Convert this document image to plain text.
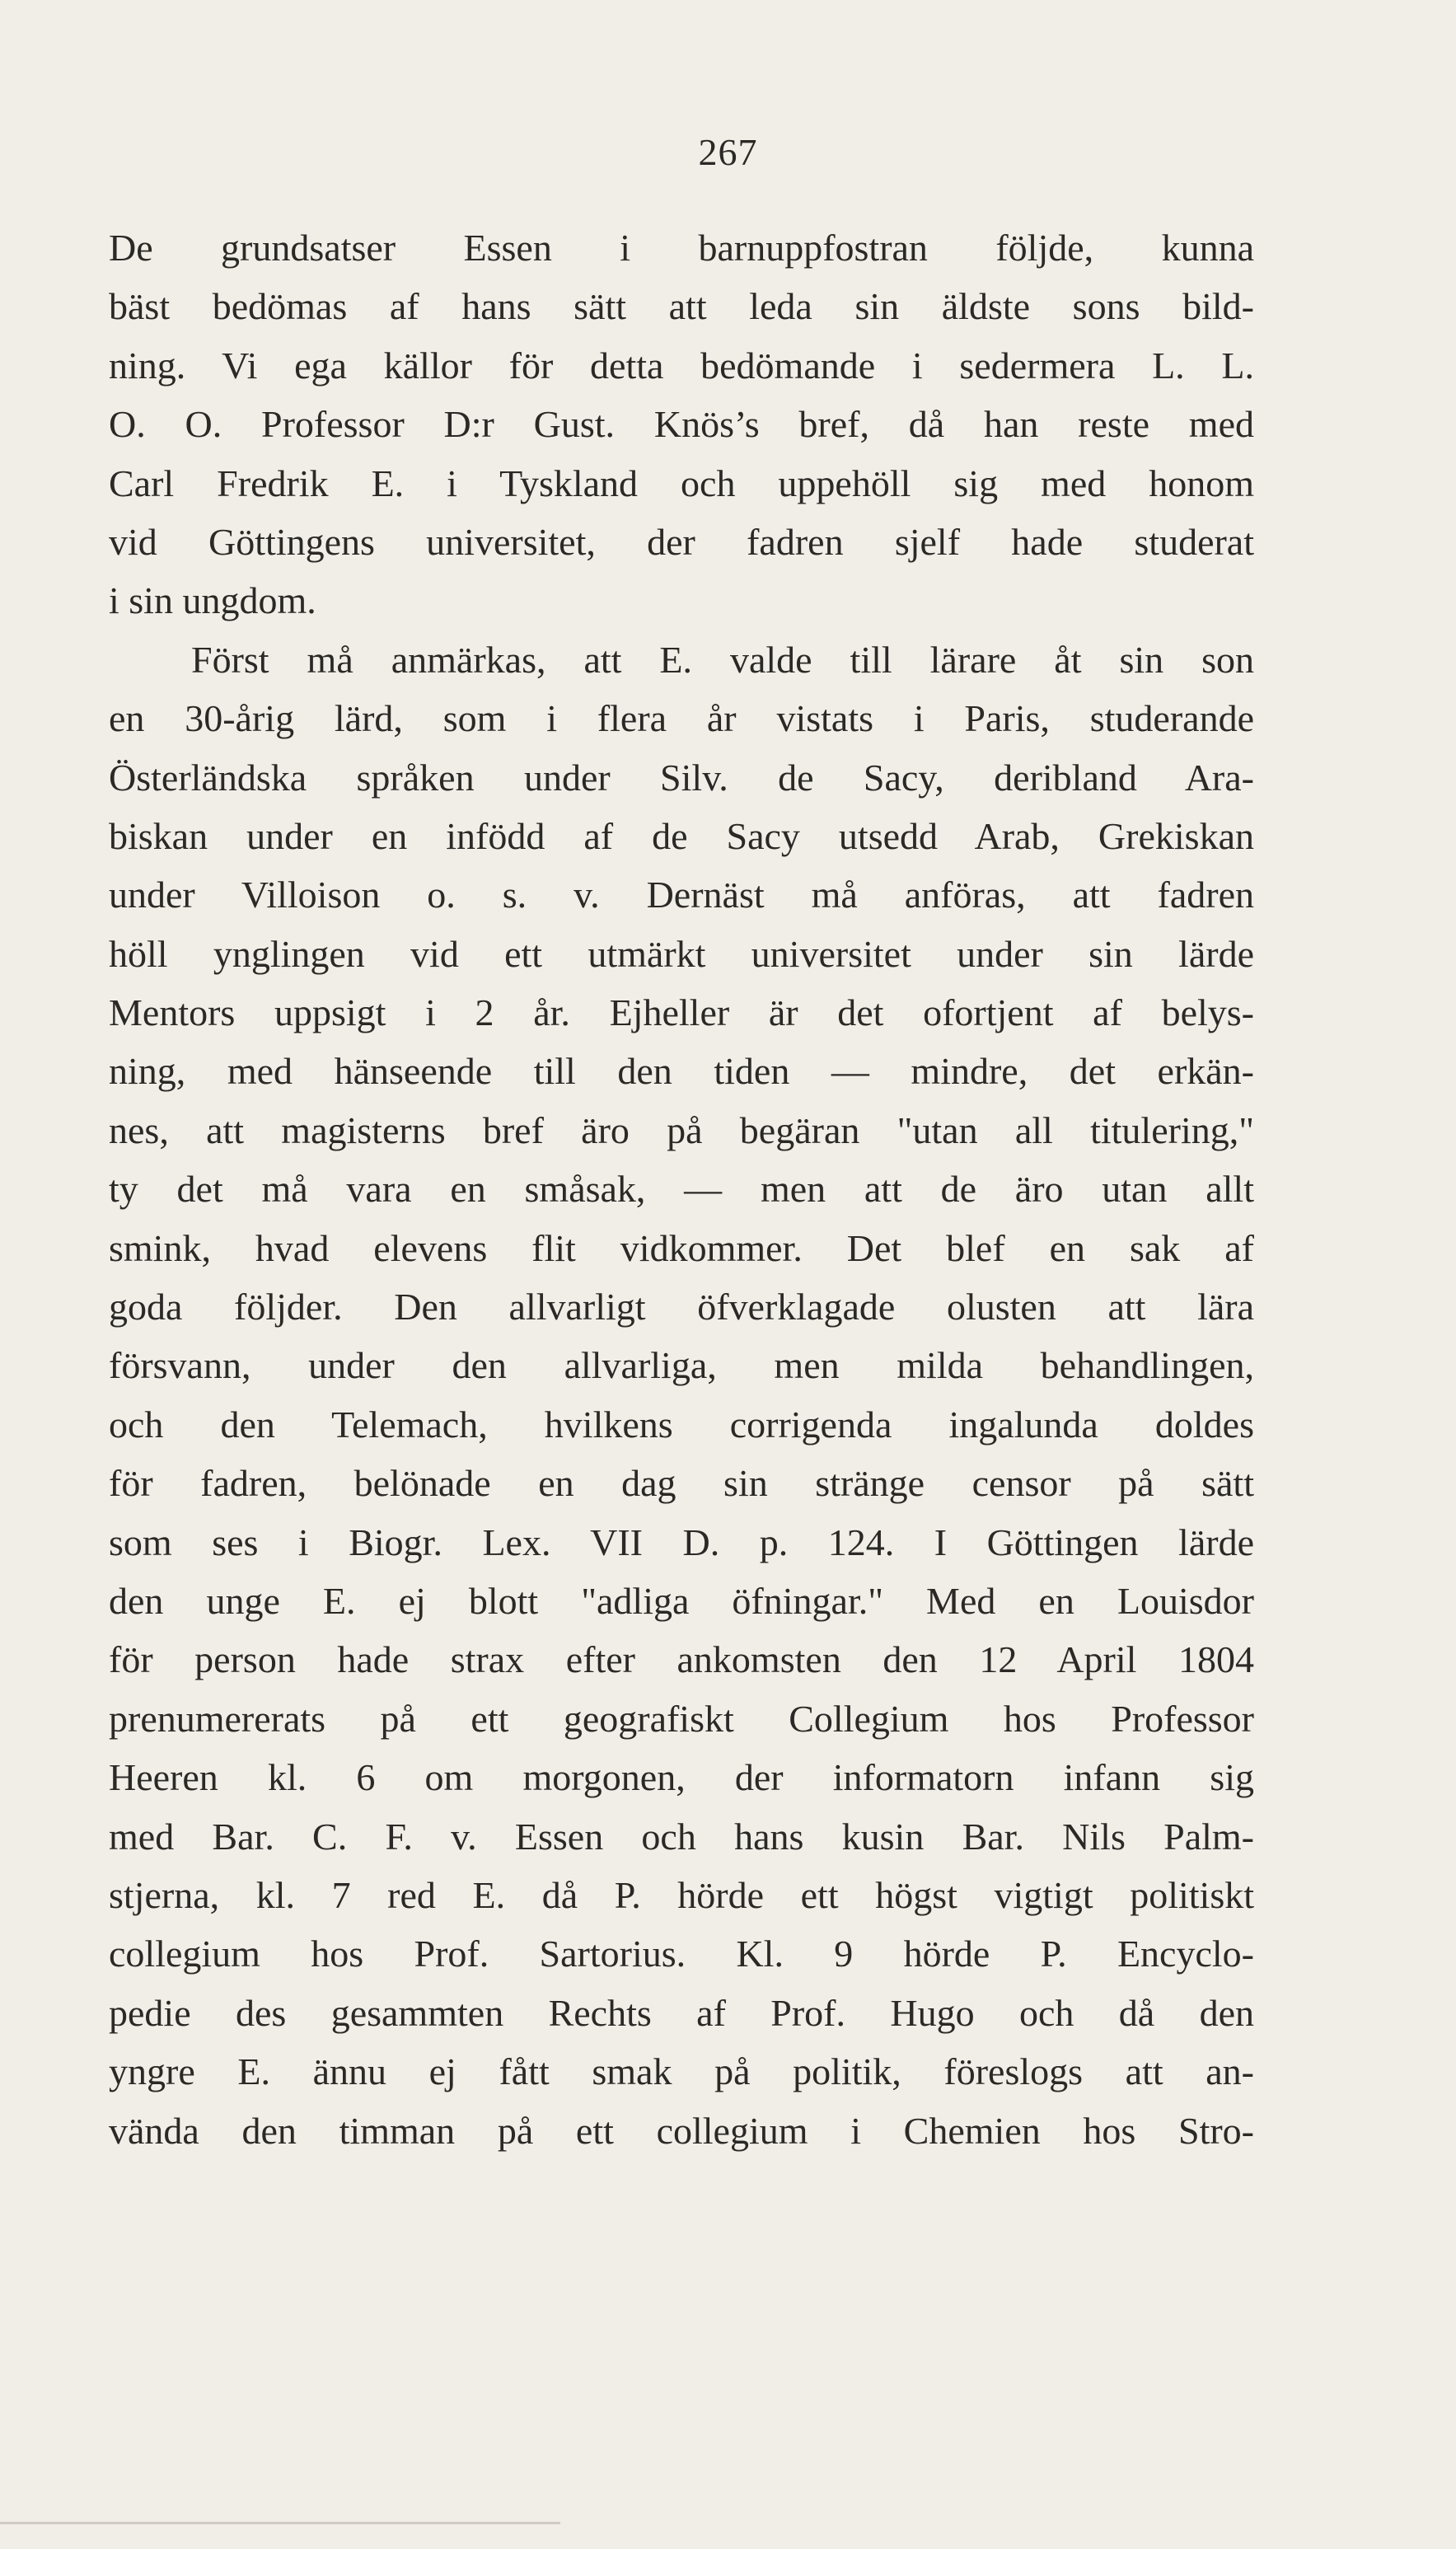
267
De grundsatser Essen i barnuppfostran följde, kunna
bäst bedömas af hans sätt att leda sin äldste sons bild-
ning. Vi ega källor för detta bedömande i sedermera L. L.
O. O. Professor D:r Gust. Knös’s bref, då han reste med
Carl Fredrik E. i Tyskland och uppehöll sig med honom
vid Göttingens universitet, der fadren sjelf hade studerat
i sin ungdom.
Först må anmärkas, att E. valde till lärare åt sin son
en 30-årig lärd, som i flera år vistats i Paris, studerande
Österländska språken under Silv. de Sacy, deribland Ara-
biskan under en infödd af de Sacy utsedd Arab, Grekiskan
under Villoison o. s. v. Dernäst må anföras, att fadren
höll ynglingen vid ett utmärkt universitet under sin lärde
Mentors uppsigt i 2 år. Ejheller är det ofortjent af belys-
ning, med hänseende till den tiden — mindre, det erkän-
nes, att magisterns bref äro på begäran "utan all titulering,"
ty det må vara en småsak, — men att de äro utan allt
smink, hvad elevens flit vidkommer. Det blef en sak af
goda följder. Den allvarligt öfverklagade olusten att lära
försvann, under den allvarliga, men milda behandlingen,
och den Telemach, hvilkens corrigenda ingalunda doldes
för fadren, belönade en dag sin stränge censor på sätt
som ses i Biogr. Lex. VII D. p. 124. I Göttingen lärde
den unge E. ej blott "adliga öfningar." Med en Louisdor
för person hade strax efter ankomsten den 12 April 1804
prenumererats på ett geografiskt Collegium hos Professor
Heeren kl. 6 om morgonen, der informatorn infann sig
med Bar. C. F. v. Essen och hans kusin Bar. Nils Palm-
stjerna, kl. 7 red E. då P. hörde ett högst vigtigt politiskt
collegium hos Prof. Sartorius. Kl. 9 hörde P. Encyclo-
pedie des gesammten Rechts af Prof. Hugo och då den
yngre E. ännu ej fått smak på politik, föreslogs att an-
vända den timman på ett collegium i Chemien hos Stro-
